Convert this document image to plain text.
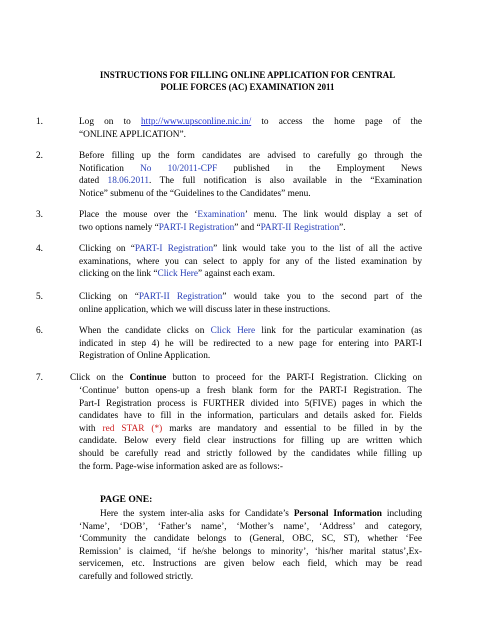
INSTRUCTIONS FOR FILLING ONLINE APPLICATION FOR CENTRAL
POLIE FORCES (AC) EXAMINATION 2011
1.	Log on to http://www.upsconline.nic.in/ to access the home page of the
“ONLINE APPLICATION”.
2.	Before filling up the form candidates are advised to carefully go through the
Notification No 10/2011-CPF published in the Employment News
dated 18.06.2011. The full notification is also available in the “Examination
Notice” submenu of the “Guidelines to the Candidates” menu.
3.	Place the mouse over the ‘Examination’ menu. The link would display a set of
two options namely “PART-I Registration” and “PART-II Registration”.
4.	Clicking on “PART-I Registration” link would take you to the list of all the active
examinations, where you can select to apply for any of the listed examination by
clicking on the link “Click Here” against each exam.
5.	Clicking on “PART-II Registration” would take you to the second part of the
online application, which we will discuss later in these instructions.
6.	When the candidate clicks on Click Here link for the particular examination (as
indicated in step 4) he will be redirected to a new page for entering into PART-I
Registration of Online Application.
7.	Click on the Continue button to proceed for the PART-I Registration. Clicking on
‘Continue’ button opens-up a fresh blank form for the PART-I Registration. The
Part-I Registration process is FURTHER divided into 5(FIVE) pages in which the
candidates have to fill in the information, particulars and details asked for. Fields
with red STAR (*) marks are mandatory and essential to be filled in by the
candidate. Below every field clear instructions for filling up are written which
should be carefully read and strictly followed by the candidates while filling up
the form. Page-wise information asked are as follows:-
PAGE ONE:
Here the system inter-alia asks for Candidate’s Personal Information including
‘Name’, ‘DOB’, ‘Father’s name’, ‘Mother’s name’, ‘Address’ and category,
‘Community the candidate belongs to (General, OBC, SC, ST), whether ‘Fee
Remission’ is claimed, ‘if he/she belongs to minority’, ‘his/her marital status’,Ex-
servicemen, etc. Instructions are given below each field, which may be read
carefully and followed strictly.
